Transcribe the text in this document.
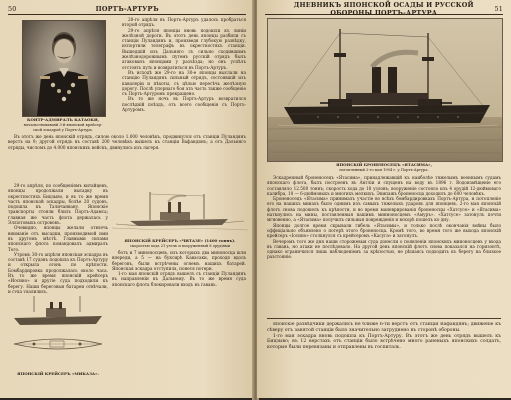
50	ПОРТЪ-АРТУРЪ
КОНТР-АДМИРАЛЪ КАТАОКИ,
начальствовавшій 3-й японской крейсер-
ской эскадрой у Портъ-Артура.

28-го апрѣля въ Портъ-Артуръ удалось пробраться второй отрядъ.

29-го апрѣля японцы вновь подошли къ линіи желѣзной дороги. Въ этотъ день японцы разбили съ станціи Пуландянъ и, произведя глубокую развѣдку, испортили телеграфъ въ окрестностяхъ станціи. Вышедшій изъ Дальняго съ сильно сходившимъ желѣзнодорожнымъ путемъ русскій отрядъ былъ атакованъ японцами у разъѣзда; но онъ успѣлъ отстоять путь и возвратиться въ Портъ-Артуръ.

Въ исходѣ же 29-го на 30-е японцы выслали на станцію Пуландянъ сильный отрядъ, состоявшій изъ кавалеріи и пѣхоты, съ цѣлью пересѣчь желѣзную дорогу. Послѣ упорнаго боя эта часть также сообщеніе съ Портъ-Артуромъ прекращено.

Въ то же ночь въ Портъ-Артуръ возвратился послѣдній поѣздъ, отъ всего сообщенія съ Портъ-Артуромъ.

Въ этотъ же день японскій отрядъ, силою около 1.000 человѣкъ, продвинулся отъ станціи Пуландянъ верстъ на 9; другой отрядъ въ составѣ 200 человѣкъ вышелъ къ станціи Вафандянъ; а отъ Дальняго отряды, числомъ до 4.000 японскихъ войскъ, двинулись изъ лагеря.

29-го апрѣля, по сообщеніямъ китайцевъ, японцы продолжали высадку въ окрестностяхъ Бицзыво, и въ то же время часть японской эскадры, болѣе 20 судовъ, подошла къ Таличанвану. Японскіе транспорты стояли близъ Портъ-Адамса; главная же часть флота держалась у Элліотовыхъ острововъ.

Очевидно, японцы желали отвлечь вниманіе отъ высадки, производимой ими въ другомъ мѣстѣ. Главными силами японскаго флота командовалъ адмиралъ Того.

Утромъ 30-го апрѣля японская эскадра въ составѣ 17 судовъ подошла къ Портъ-Артуру и открыла огонь по крѣпости. Бомбардировка продолжалась около часа. Въ то же время японскій крейсеръ «Иосино» и другіе суда подходили къ берегу. Наши береговыя батареи отвѣчали, и суда удалились.

ЯПОНСКІЙ КРЕЙСЕРЪ «ЧИТАЗЕ» (1400 тоннъ).
скоростью хода 21 узелъ и вооруженный 8 орудіями
ЯПОНСКІЙ КРЕЙСЕРЪ «МИКАЗА».

ботъ и 7 миноносцевъ, изъ которыхъ два миноносца шли впереди, а 5 — на буксирѣ Кавасаки, проходя вдоль береговъ, были встрѣчены огнемъ нашихъ батарей. Японская эскадра отступила, понеся потери.

1-го мая японскій отрядъ вышелъ съ станціи Пуландянъ въ направленіи къ Дальнему. Въ то же время суда японскаго флота блокировали входъ въ гавань.

ДНЕВНИКЪ ЯПОНСКОЙ ОСАДЫ И РУССКОЙ ОБОРОНЫ ПОРТЪ-АРТУРА	51
ЯПОНСКІЙ БРОНЕНОСЕЦЪ «ЯТАСИМА»,
потопленный 2-го мая 1904 г. у Портъ-Артура.

Эскадренный броненосецъ «Ятасима», принадлежавшій къ наиболѣе тяжелымъ военнымъ судамъ японскаго флота, былъ построенъ въ Англіи и спущенъ на воду въ 1896 г. Водоизмѣщеніе его составляло 12.500 тоннъ; скорость хода до 18 узловъ; вооруженіе состояло изъ 4 орудій 12-дюймоваго калибра, 10 — 6-дюймовыхъ и многихъ мелкихъ. Экипажъ броненосца доходилъ до 600 человѣкъ.

Броненосецъ «Ятасима» принималъ участіе во всѣхъ бомбардировкахъ Портъ-Артура, и потопленіе его на нашихъ минахъ было однимъ изъ самыхъ тяжелыхъ ударовъ для японцевъ. 2-го мая японскій флотъ снова подошелъ къ крѣпости, и во время маневрированія броненосцы «Хатсусе» и «Ятасима» наткнулись на мины, поставленныя нашимъ минноносцемъ «Амуръ». «Хатсусе» затонулъ почти мгновенно, а «Ятасима» получилъ сильныя поврежденія и вскорѣ пошелъ ко дну.

Японцы долгое время скрывали гибель «Ятасимы», и только послѣ окончанія войны было оффиціально объявлено о потерѣ этого броненосца. Кромѣ того, во время того же выхода японскій крейсеръ «Іосино» столкнулся съ крейсеромъ «Касуга» и затонулъ.

Вечеромъ того же дня наши сторожевыя суда донесли о появленіи японскихъ миноносцевъ у входа въ гавань, но атаки не послѣдовало. На другой день японскій флотъ снова показался на горизонтѣ, однако ограничился лишь наблюденіемъ за крѣпостью, не рѣшаясь подходить къ берегу на близкое разстояніе.

японскіе развѣдчики держались не ближе 6-ти верстъ отъ станціи Вафандянъ; движеніе къ сѣверу отъ занятой станціи было значительно затруднено въ сторонѣ обороны.

1-го мая эскадра вновь подошла къ Портъ-Артуру. Въ этотъ же день отрядъ вышелъ къ Бицзыво; въ 12 верстахъ отъ станціи было встрѣчено много раненыхъ японскихъ солдатъ, которые были перевязаны и отправлены въ госпиталь.
